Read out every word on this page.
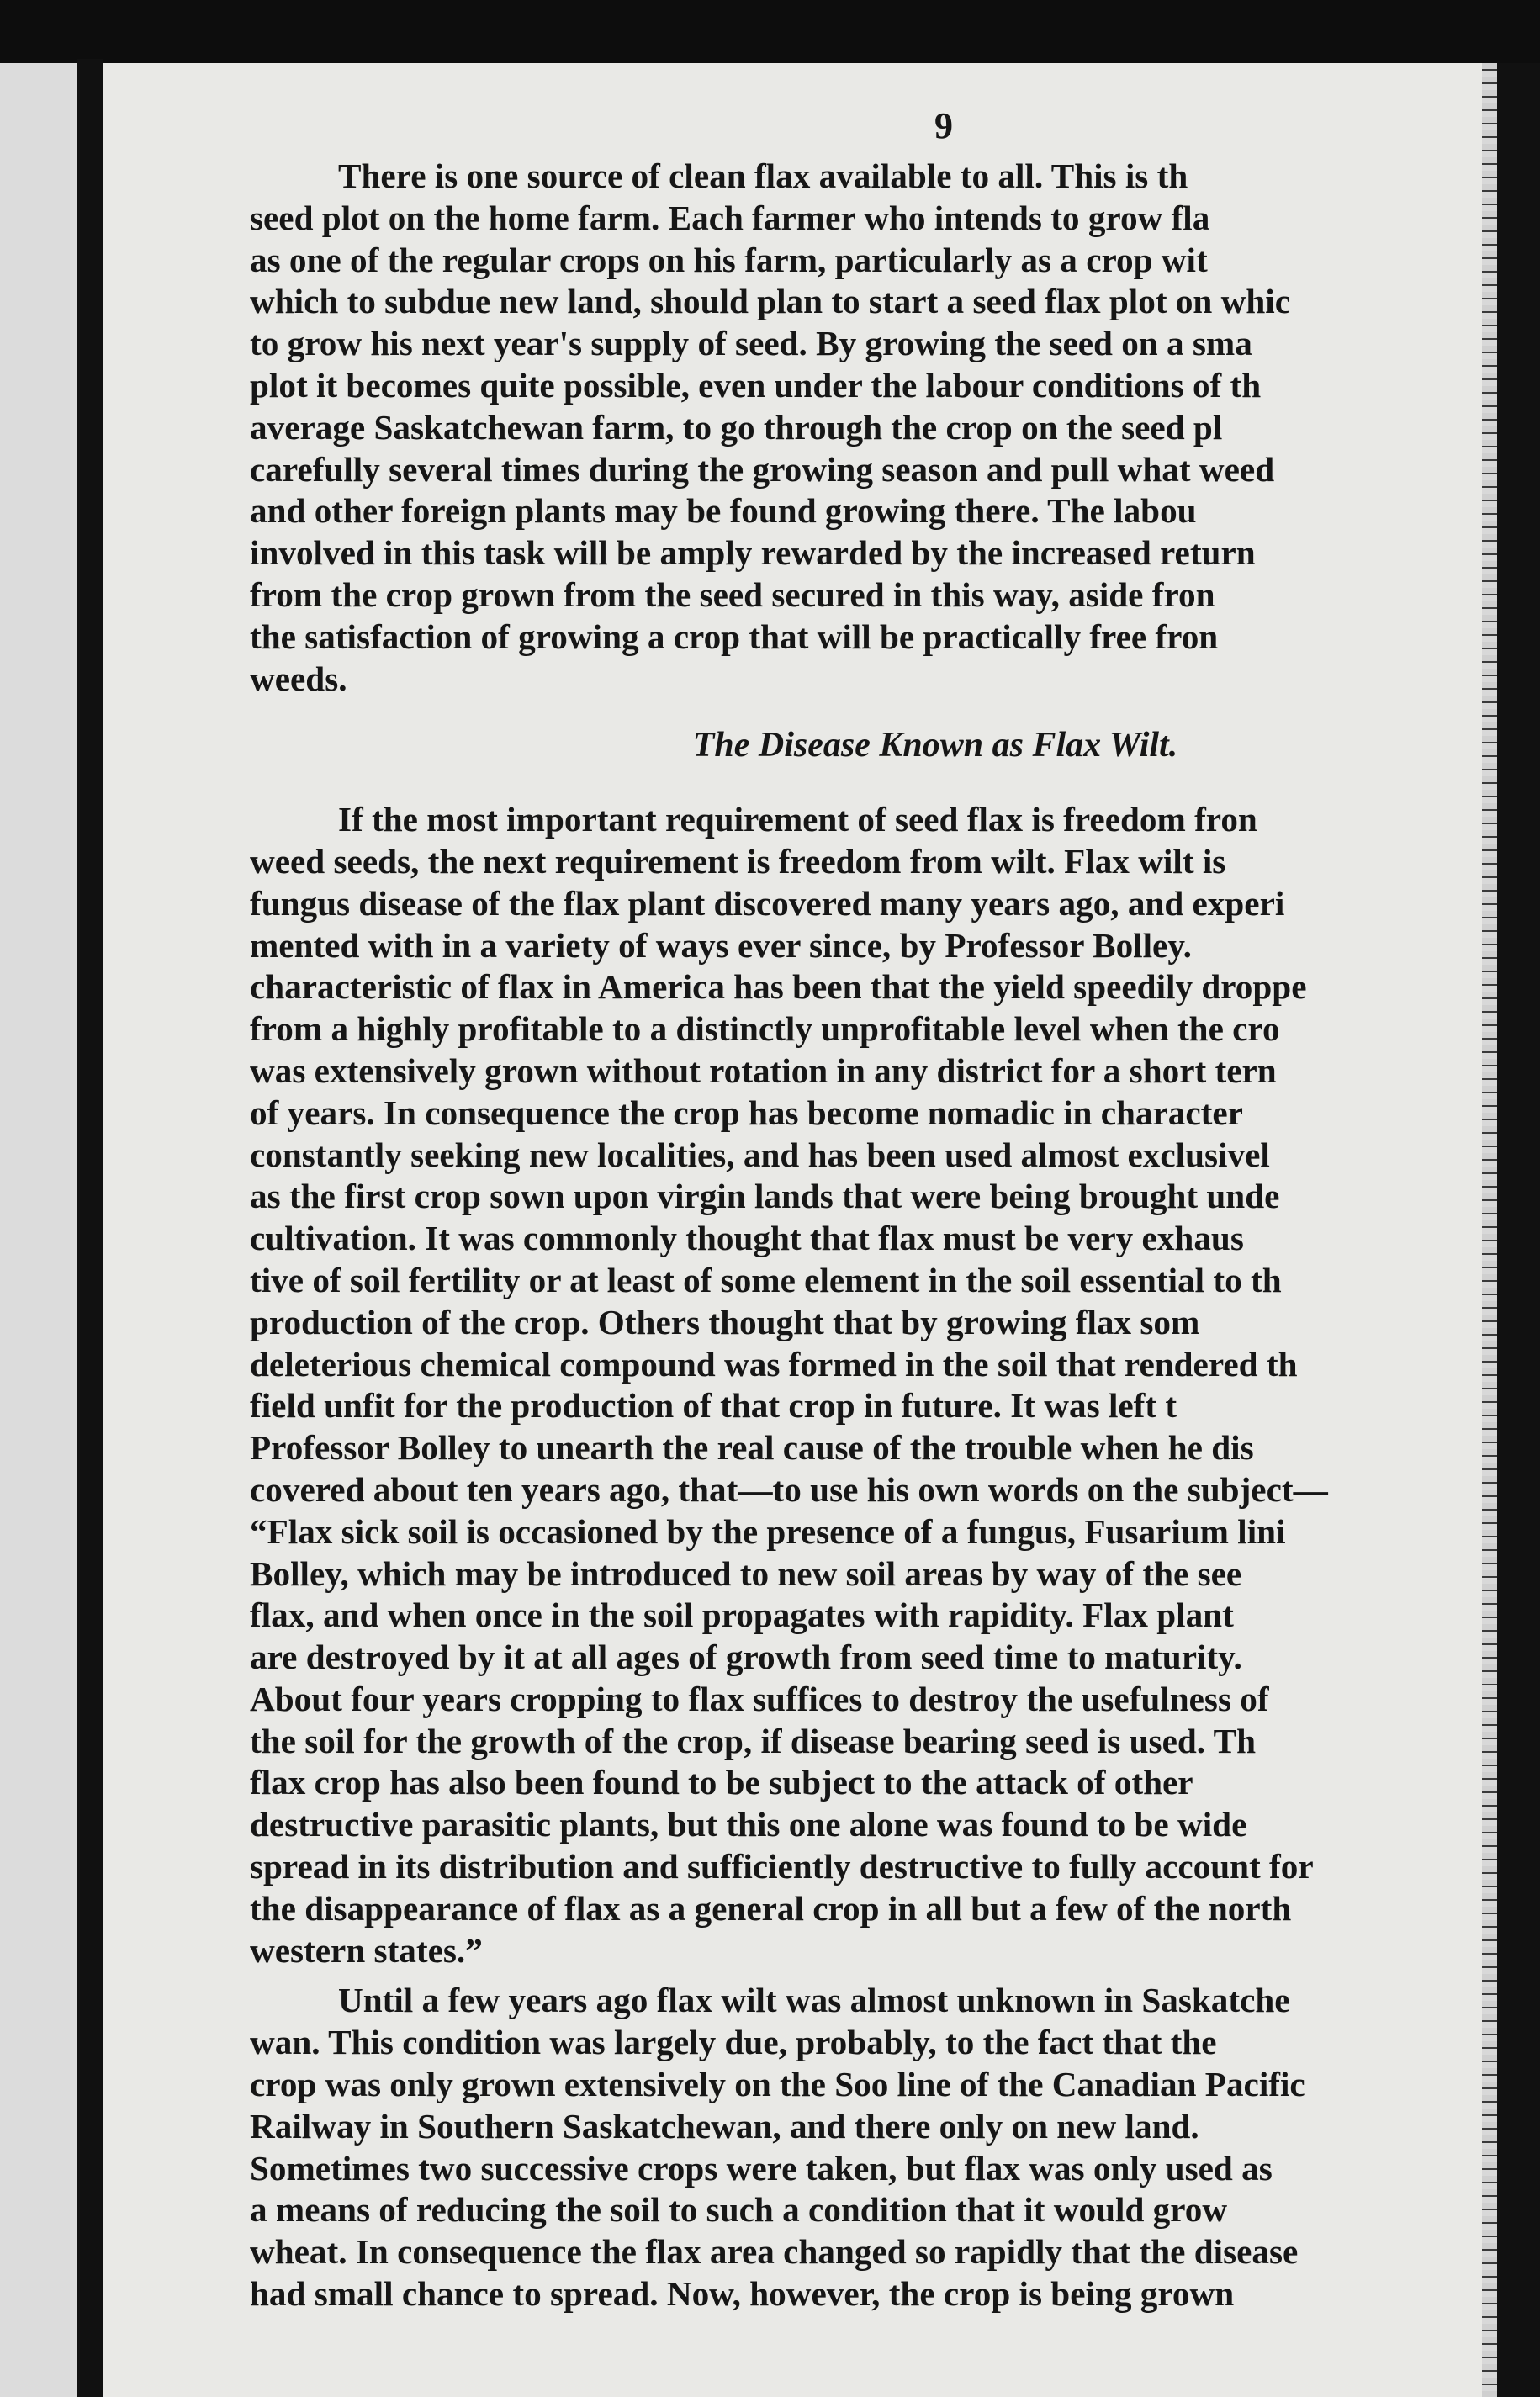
9

There is one source of clean flax available to all. This is th
seed plot on the home farm. Each farmer who intends to grow fla
as one of the regular crops on his farm, particularly as a crop wit
which to subdue new land, should plan to start a seed flax plot on whic
to grow his next year's supply of seed. By growing the seed on a sma
plot it becomes quite possible, even under the labour conditions of th
average Saskatchewan farm, to go through the crop on the seed pl
carefully several times during the growing season and pull what weed
and other foreign plants may be found growing there. The labou
involved in this task will be amply rewarded by the increased return
from the crop grown from the seed secured in this way, aside fron
the satisfaction of growing a crop that will be practically free fron
weeds.

The Disease Known as Flax Wilt.

If the most important requirement of seed flax is freedom fron
weed seeds, the next requirement is freedom from wilt. Flax wilt is
fungus disease of the flax plant discovered many years ago, and experi
mented with in a variety of ways ever since, by Professor Bolley.
characteristic of flax in America has been that the yield speedily droppe
from a highly profitable to a distinctly unprofitable level when the cro
was extensively grown without rotation in any district for a short tern
of years. In consequence the crop has become nomadic in character
constantly seeking new localities, and has been used almost exclusivel
as the first crop sown upon virgin lands that were being brought unde
cultivation. It was commonly thought that flax must be very exhaus
tive of soil fertility or at least of some element in the soil essential to th
production of the crop. Others thought that by growing flax som
deleterious chemical compound was formed in the soil that rendered th
field unfit for the production of that crop in future. It was left t
Professor Bolley to unearth the real cause of the trouble when he dis
covered about ten years ago, that—to use his own words on the subject—
“Flax sick soil is occasioned by the presence of a fungus, Fusarium lini
Bolley, which may be introduced to new soil areas by way of the see
flax, and when once in the soil propagates with rapidity. Flax plant
are destroyed by it at all ages of growth from seed time to maturity.
About four years cropping to flax suffices to destroy the usefulness of
the soil for the growth of the crop, if disease bearing seed is used. Th
flax crop has also been found to be subject to the attack of other
destructive parasitic plants, but this one alone was found to be wide
spread in its distribution and sufficiently destructive to fully account for
the disappearance of flax as a general crop in all but a few of the north
western states.”

Until a few years ago flax wilt was almost unknown in Saskatche
wan. This condition was largely due, probably, to the fact that the
crop was only grown extensively on the Soo line of the Canadian Pacific
Railway in Southern Saskatchewan, and there only on new land.
Sometimes two successive crops were taken, but flax was only used as
a means of reducing the soil to such a condition that it would grow
wheat. In consequence the flax area changed so rapidly that the disease
had small chance to spread. Now, however, the crop is being grown
